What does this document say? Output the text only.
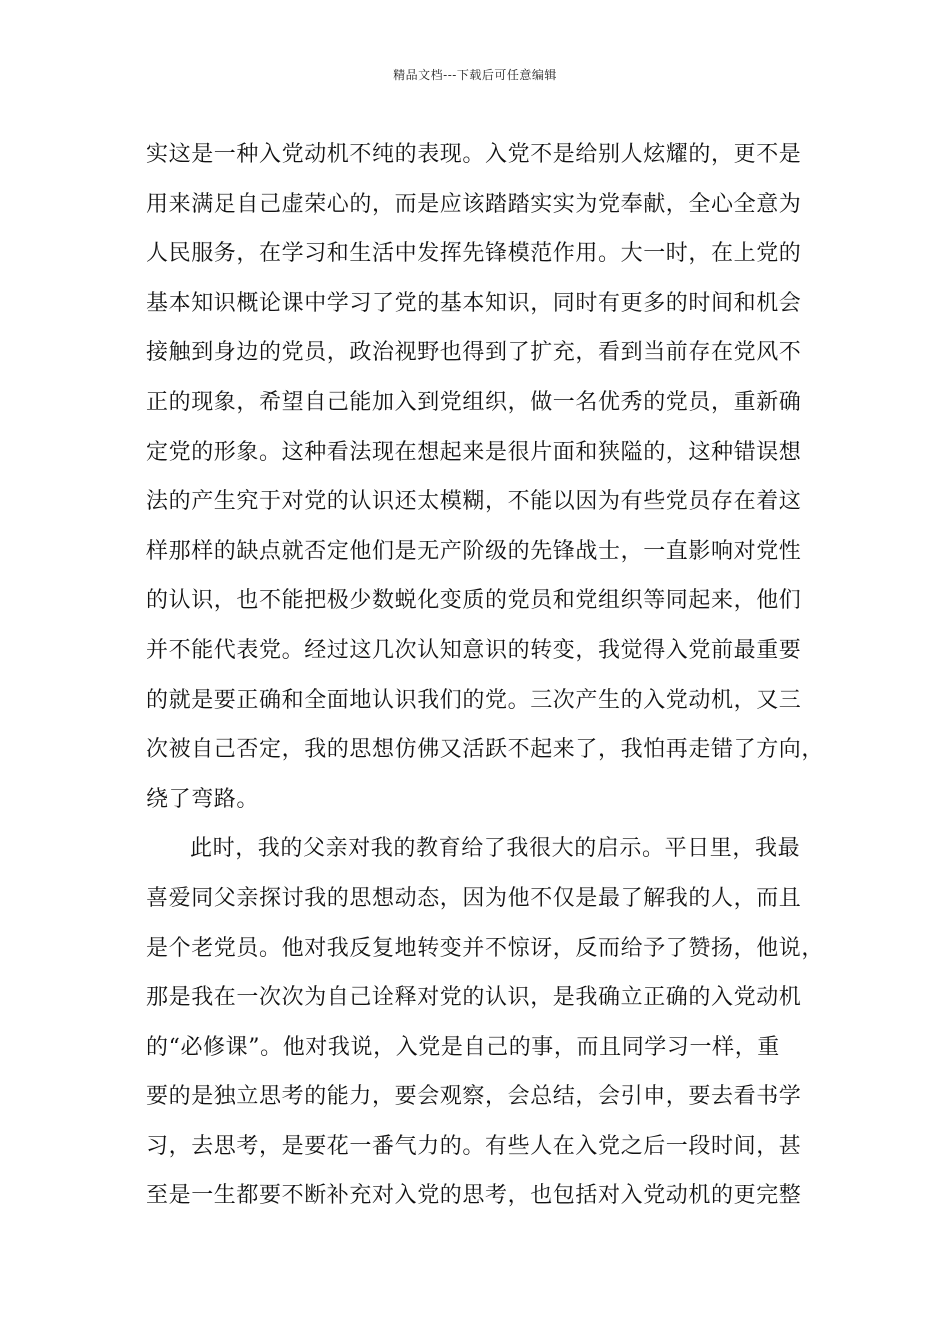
精品文档---下载后可任意编辑
实这是一种入党动机不纯的表现。入党不是给别人炫耀的，更不是
用来满足自己虚荣心的，而是应该踏踏实实为党奉献，全心全意为
人民服务，在学习和生活中发挥先锋模范作用。大一时，在上党的
基本知识概论课中学习了党的基本知识，同时有更多的时间和机会
接触到身边的党员，政治视野也得到了扩充，看到当前存在党风不
正的现象，希望自己能加入到党组织，做一名优秀的党员，重新确
定党的形象。这种看法现在想起来是很片面和狭隘的，这种错误想
法的产生究于对党的认识还太模糊，不能以因为有些党员存在着这
样那样的缺点就否定他们是无产阶级的先锋战士，一直影响对党性
的认识，也不能把极少数蜕化变质的党员和党组织等同起来，他们
并不能代表党。经过这几次认知意识的转变，我觉得入党前最重要
的就是要正确和全面地认识我们的党。三次产生的入党动机，又三
次被自己否定，我的思想仿佛又活跃不起来了，我怕再走错了方向，
绕了弯路。
此时，我的父亲对我的教育给了我很大的启示。平日里，我最
喜爱同父亲探讨我的思想动态，因为他不仅是最了解我的人，而且
是个老党员。他对我反复地转变并不惊讶，反而给予了赞扬，他说，
那是我在一次次为自己诠释对党的认识，是我确立正确的入党动机
的“必修课”。他对我说，入党是自己的事，而且同学习一样，重
要的是独立思考的能力，要会观察，会总结，会引申，要去看书学
习，去思考，是要花一番气力的。有些人在入党之后一段时间，甚
至是一生都要不断补充对入党的思考，也包括对入党动机的更完整
